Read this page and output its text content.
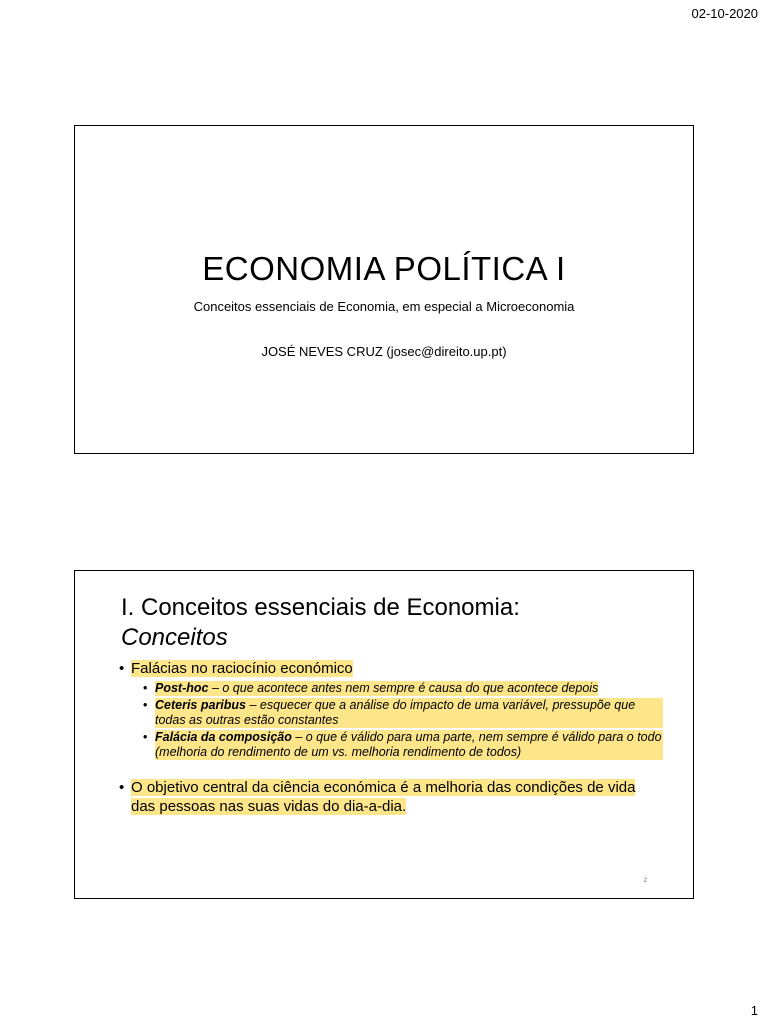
02-10-2020
ECONOMIA POLÍTICA I
Conceitos essenciais de Economia, em especial a Microeconomia
JOSÉ NEVES CRUZ (josec@direito.up.pt)
I. Conceitos essenciais de Economia:
Conceitos
• Falácias no raciocínio económico
• Post-hoc – o que acontece antes nem sempre é causa do que acontece depois
• Ceteris paribus – esquecer que a análise do impacto de uma variável, pressupõe que todas as outras estão constantes
• Falácia da composição – o que é válido para uma parte, nem sempre é válido para o todo (melhoria do rendimento de um vs. melhoria rendimento de todos)
• O objetivo central da ciência económica é a melhoria das condições de vida das pessoas nas suas vidas do dia-a-dia.
2
1
